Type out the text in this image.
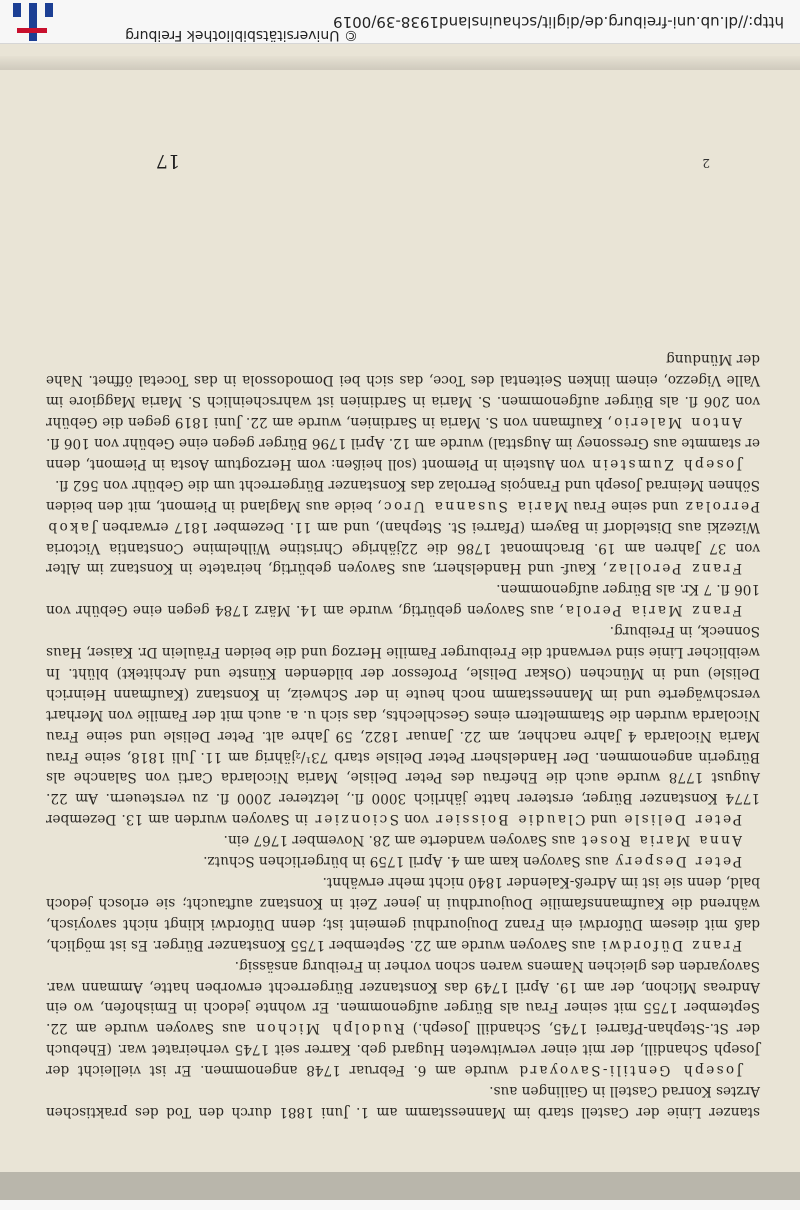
stanzer Linie der Castell starb im Mannesstamm am 1. Juni 1881 durch den Tod des praktischen Arztes Konrad Castell in Gailingen aus.

Joseph Gentili-Savoyard wurde am 6. Februar 1748 angenommen. Er ist vielleicht der Joseph Schandill, der mit einer verwitweten Hugard geb. Karrer seit 1745 verheiratet war. (Ehebuch der St.-Stephan-Pfarrei 1745, Schandill Joseph.) Rudolph Michon aus Savoyen wurde am 22. September 1755 mit seiner Frau als Bürger aufgenommen. Er wohnte jedoch in Emishofen, wo ein Andreas Michon, der am 19. April 1749 das Konstanzer Bürgerrecht erworben hatte, Ammann war. Savoyarden des gleichen Namens waren schon vorher in Freiburg ansässig.

Franz Düfordwi aus Savoyen wurde am 22. September 1755 Konstanzer Bürger. Es ist möglich, daß mit diesem Düfordwi ein Franz Doujourdhui gemeint ist; denn Düfordwi klingt nicht savoyisch, während die Kaufmannsfamilie Doujourdhui in jener Zeit in Konstanz auftaucht; sie erlosch jedoch bald, denn sie ist im Adreß-Kalender 1840 nicht mehr erwähnt.

Peter Despery aus Savoyen kam am 4. April 1759 in bürgerlichen Schutz.

Anna Maria Roset aus Savoyen wanderte am 28. November 1767 ein.

Peter Delisle und Claudie Boissier von Scionzier in Savoyen wurden am 13. Dezember 1774 Konstanzer Bürger, ersterer hatte jährlich 3000 fl., letzterer 2000 fl. zu versteuern. Am 22. August 1778 wurde auch die Ehefrau des Peter Delisle, Maria Nicolarda Carti von Salanche als Bürgerin angenommen. Der Handelsherr Peter Delisle starb 73¹/₂jährig am 11. Juli 1818, seine Frau Maria Nicolarda 4 Jahre nachher, am 22. Januar 1822, 59 Jahre alt. Peter Delisle und seine Frau Nicolarda wurden die Stammeltern eines Geschlechts, das sich u. a. auch mit der Familie von Merhart verschwägerte und im Mannesstamm noch heute in der Schweiz, in Konstanz (Kaufmann Heinrich Delisle) und in München (Oskar Delisle, Professor der bildenden Künste und Architekt) blüht. In weiblicher Linie sind verwandt die Freiburger Familie Herzog und die beiden Fräulein Dr. Kaiser, Haus Sonneck, in Freiburg.

Franz Maria Perola, aus Savoyen gebürtig, wurde am 14. März 1784 gegen eine Gebühr von 106 fl. 7 Kr. als Bürger aufgenommen.

Franz Perollaz, Kauf- und Handelsherr, aus Savoyen gebürtig, heiratete in Konstanz im Alter von 37 Jahren am 19. Brachmonat 1786 die 22jährige Christine Wilhelmine Constantia Victoria Wizezki aus Disteldorf in Bayern (Pfarrei St. Stephan), und am 11. Dezember 1817 erwarben Jakob Perrolaz und seine Frau Maria Susanna Uroc, beide aus Magland in Piemont, mit den beiden Söhnen Meinrad Joseph und François Perrolaz das Konstanzer Bürgerrecht um die Gebühr von 562 fl.

Joseph Zumstein von Austein in Piemont (soll heißen: vom Herzogtum Aosta in Piemont, denn er stammte aus Gressoney im Augsttal) wurde am 12. April 1796 Bürger gegen eine Gebühr von 106 fl.

Anton Malerio, Kaufmann von S. Maria in Sardinien, wurde am 22. Juni 1819 gegen die Gebühr von 206 fl. als Bürger aufgenommen. S. Maria in Sardinien ist wahrscheinlich S. Maria Maggiore im Valle Vigezzo, einem linken Seitental des Toce, das sich bei Domodossola in das Tocetal öffnet. Nahe der Mündung

2
17
http://dl.ub.uni-freiburg.de/diglit/schauinsland1938-39/0019
© Universitätsbibliothek Freiburg
